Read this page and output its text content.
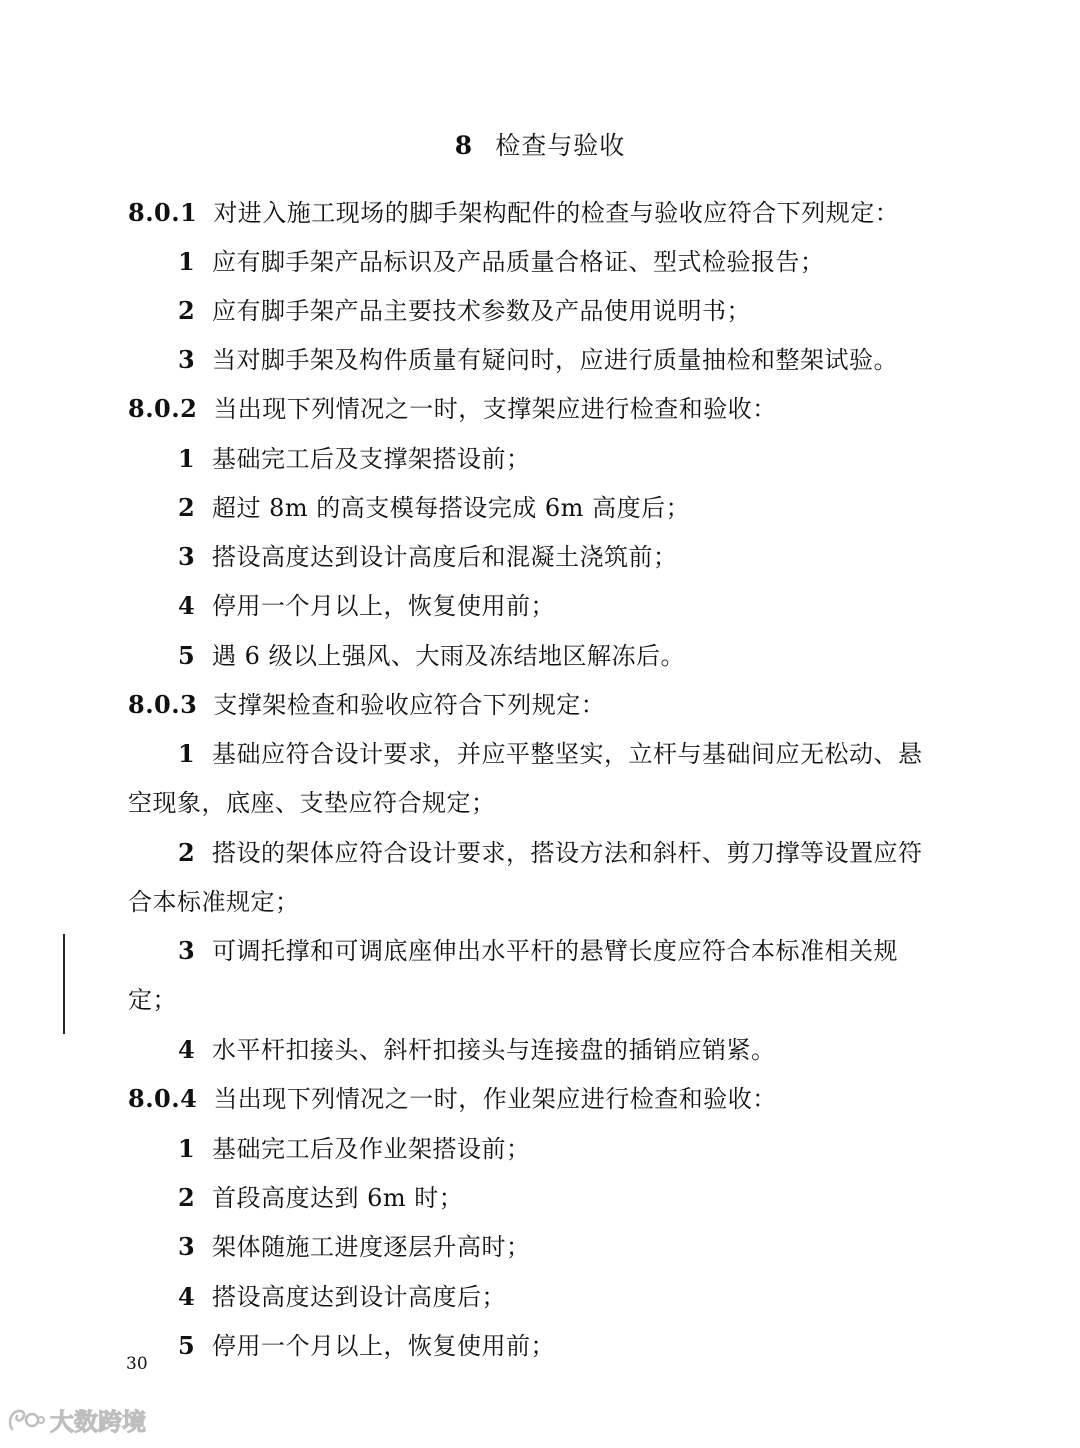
8 检查与验收
8.0.1 对进入施工现场的脚手架构配件的检查与验收应符合下列规定：
1 应有脚手架产品标识及产品质量合格证、型式检验报告；
2 应有脚手架产品主要技术参数及产品使用说明书；
3 当对脚手架及构件质量有疑问时，应进行质量抽检和整架试验。
8.0.2 当出现下列情况之一时，支撑架应进行检查和验收：
1 基础完工后及支撑架搭设前；
2 超过 8m 的高支模每搭设完成 6m 高度后；
3 搭设高度达到设计高度后和混凝土浇筑前；
4 停用一个月以上，恢复使用前；
5 遇 6 级以上强风、大雨及冻结地区解冻后。
8.0.3 支撑架检查和验收应符合下列规定：
1 基础应符合设计要求，并应平整坚实，立杆与基础间应无松动、悬
空现象，底座、支垫应符合规定；
2 搭设的架体应符合设计要求，搭设方法和斜杆、剪刀撑等设置应符
合本标准规定；
3 可调托撑和可调底座伸出水平杆的悬臂长度应符合本标准相关规
定；
4 水平杆扣接头、斜杆扣接头与连接盘的插销应销紧。
8.0.4 当出现下列情况之一时，作业架应进行检查和验收：
1 基础完工后及作业架搭设前；
2 首段高度达到 6m 时；
3 架体随施工进度逐层升高时；
4 搭设高度达到设计高度后；
5 停用一个月以上，恢复使用前；
30
大数跨境
